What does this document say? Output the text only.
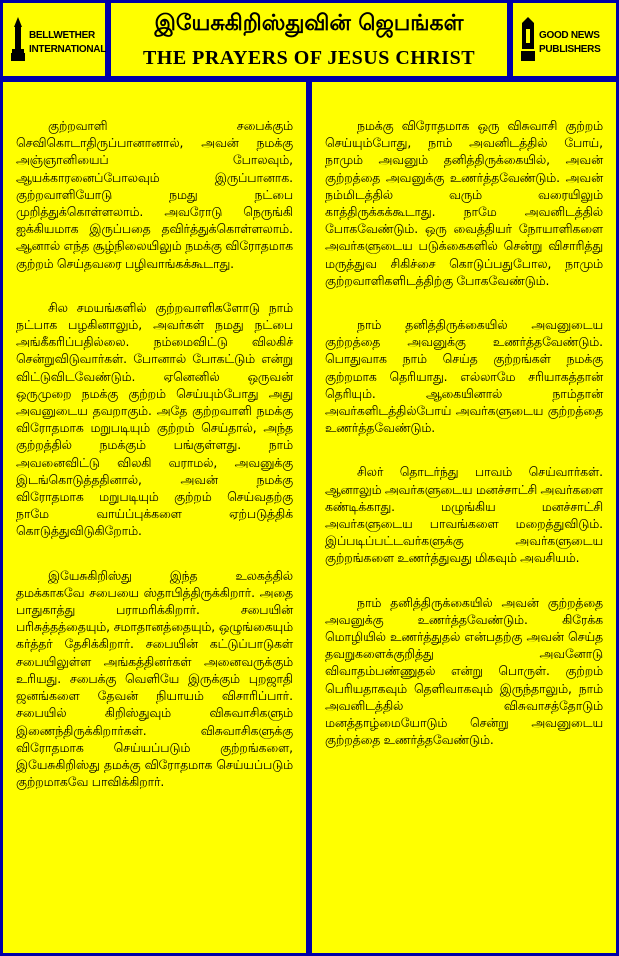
BELLWETHER INTERNATIONAL
இயேசுகிறிஸ்துவின் ஜெபங்கள்
THE PRAYERS OF JESUS CHRIST
GOOD NEWS PUBLISHERS

குற்றவாளி சபைக்கும் செவிகொடாதிருப்பானானால், அவன் நமக்கு அஞ்ஞானியைப் போலவும், ஆயக்காரனைப்போலவும் இருப்பானாக. குற்றவாளியோடு நமது நட்பை முறித்துக்கொள்ளலாம். அவரோடு நெருங்கி ஐக்கியமாக இருப்பதை தவிர்த்துக்கொள்ளலாம். ஆனால் எந்த சூழ்நிலையிலும் நமக்கு விரோதமாக குற்றம் செய்தவரை பழிவாங்கக்கூடாது.

சில சமயங்களில் குற்றவாளிகளோடு நாம் நட்பாக பழகினாலும், அவர்கள் நமது நட்பை அங்கீகரிப்பதில்லை. நம்மைவிட்டு விலகிச் சென்றுவிடுவார்கள். போனால் போகட்டும் என்று விட்டுவிடவேண்டும். ஏனெனில் ஒருவன் ஒருமுறை நமக்கு குற்றம் செய்யும்போது அது அவனுடைய தவறாகும். அதே குற்றவாளி நமக்கு விரோதமாக மறுபடியும் குற்றம் செய்தால், அந்த குற்றத்தில் நமக்கும் பங்குள்ளது. நாம் அவனைவிட்டு விலகி வராமல், அவனுக்கு இடங்கொடுத்ததினால், அவன் நமக்கு விரோதமாக மறுபடியும் குற்றம் செய்வதற்கு நாமே வாய்ப்புக்களை ஏற்படுத்திக் கொடுத்துவிடுகிறோம்.

இயேசுகிறிஸ்து இந்த உலகத்தில் தமக்காகவே சபையை ஸ்தாபித்திருக்கிறார். அதை பாதுகாத்து பராமரிக்கிறார். சபையின் பரிசுத்தத்தையும், சமாதானத்தையும், ஒழுங்கையும் கர்த்தர் தேசிக்கிறார். சபையின் கட்டுப்பாடுகள் சபையிலுள்ள அங்கத்தினர்கள் அனைவருக்கும் உரியது. சபைக்கு வெளியே இருக்கும் புறஜாதி ஜனங்களை தேவன் நியாயம் விசாரிப்பார். சபையில் கிறிஸ்துவும் விசுவாசிகளும் இணைந்திருக்கிறார்கள். விசுவாசிகளுக்கு விரோதமாக செய்யப்படும் குற்றங்களை, இயேசுகிறிஸ்து தமக்கு விரோதமாக செய்யப்படும் குற்றமாகவே பாவிக்கிறார்.

நமக்கு விரோதமாக ஒரு விசுவாசி குற்றம் செய்யும்போது, நாம் அவனிடத்தில் போய், நாமும் அவனும் தனித்திருக்கையில், அவன் குற்றத்தை அவனுக்கு உணர்த்தவேண்டும். அவன் நம்மிடத்தில் வரும் வரையிலும் காத்திருக்கக்கூடாது. நாமே அவனிடத்தில் போகவேண்டும். ஒரு வைத்தியர் நோயாளிகளை அவர்களுடைய படுக்கைகளில் சென்று விசாரித்து மருத்துவ சிகிச்சை கொடுப்பதுபோல, நாமும் குற்றவாளிகளிடத்திற்கு போகவேண்டும்.

நாம் தனித்திருக்கையில் அவனுடைய குற்றத்தை அவனுக்கு உணர்த்தவேண்டும். பொதுவாக நாம் செய்த குற்றங்கள் நமக்கு குற்றமாக தெரியாது. எல்லாமே சரியாகத்தான் தெரியும். ஆகையினால் நாம்தான் அவர்களிடத்தில்போய் அவர்களுடைய குற்றத்தை உணர்த்தவேண்டும்.

சிலர் தொடர்ந்து பாவம் செய்வார்கள். ஆனாலும் அவர்களுடைய மனச்சாட்சி அவர்களை கண்டிக்காது. மழுங்கிய மனச்சாட்சி அவர்களுடைய பாவங்களை மறைத்துவிடும். இப்படிப்பட்டவர்களுக்கு அவர்களுடைய குற்றங்களை உணர்த்துவது மிகவும் அவசியம்.

நாம் தனித்திருக்கையில் அவன் குற்றத்தை அவனுக்கு உணர்த்தவேண்டும். கிரேக்க மொழியில் உணர்த்துதல் என்பதற்கு அவன் செய்த தவறுகளைக்குறித்து அவனோடு விவாதம்பண்ணுதல் என்று பொருள். குற்றம் பெரியதாகவும் தெளிவாகவும் இருந்தாலும், நாம் அவனிடத்தில் விசுவாசத்தோடும் மனத்தாழ்மையோடும் சென்று அவனுடைய குற்றத்தை உணர்த்தவேண்டும்.
